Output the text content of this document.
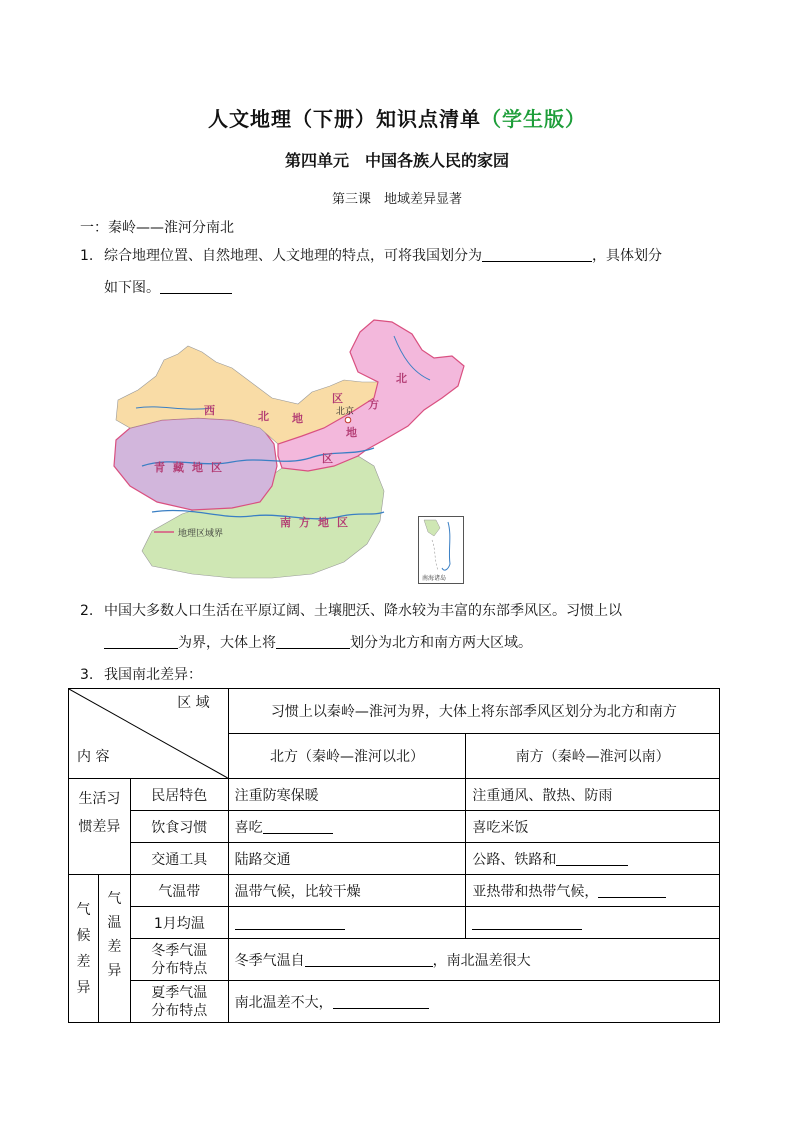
人文地理（下册）知识点清单（学生版）
第四单元　中国各族人民的家园
第三课　地域差异显著
一：秦岭——淮河分南北
1. 综合地理位置、自然地理、人文地理的特点，可将我国划分为	，具体划分
如下图。
西	北 地
区
北
方
地
区
北京
青藏地区
南方地区
地理区域界
南海诸岛
2. 中国大多数人口生活在平原辽阔、土壤肥沃、降水较为丰富的东部季风区。习惯上以
为界，大体上将	划分为北方和南方两大区域。
3. 我国南北差异：
区 域
内 容			习惯上以秦岭—淮河为界，大体上将东部季风区划分为北方和南方	
			北方（秦岭—淮河以北）	南方（秦岭—淮河以南）
生活习
惯差异		民居特色	注重防寒保暖	注重通风、散热、防雨
		饮食习惯	喜吃	喜吃米饭
		交通工具	陆路交通	公路、铁路和
气
候
差
异	气
温
差
异	气温带	温带气候，比较干燥	亚热带和热带气候，
		1月均温		
		冬季气温
分布特点	冬季气温自 ，南北温差很大	
		夏季气温
分布特点	南北温差不大，	
